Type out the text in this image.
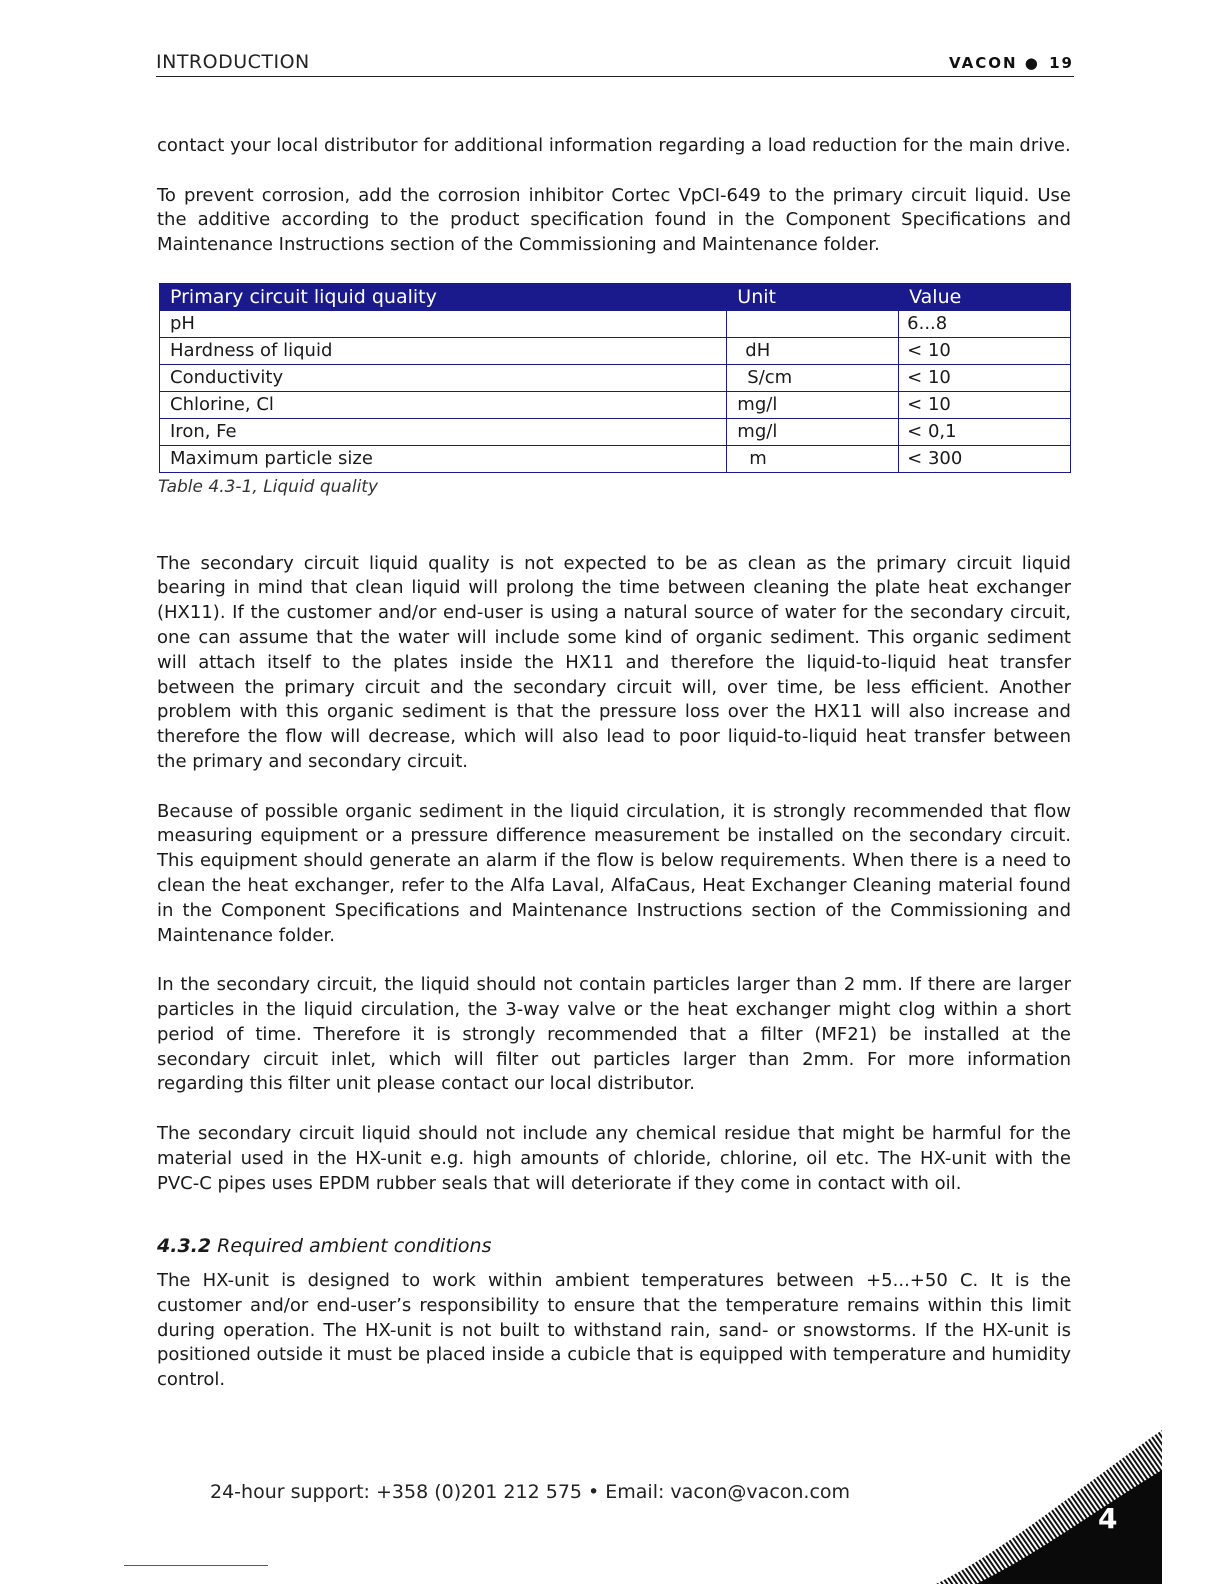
INTRODUCTION	VACON ● 19

contact your local distributor for additional information regarding a load reduction for the main drive.

To prevent corrosion, add the corrosion inhibitor Cortec VpCI-649 to the primary circuit liquid. Use the additive according to the product specification found in the Component Specifications and Maintenance Instructions section of the Commissioning and Maintenance folder.

Primary circuit liquid quality	Unit	Value
pH		6...8
Hardness of liquid	dH	< 10
Conductivity	S/cm	< 10
Chlorine, Cl	mg/l	< 10
Iron, Fe	mg/l	< 0,1
Maximum particle size	m	< 300
Table 4.3-1, Liquid quality

The secondary circuit liquid quality is not expected to be as clean as the primary circuit liquid bearing in mind that clean liquid will prolong the time between cleaning the plate heat exchanger (HX11). If the customer and/or end-user is using a natural source of water for the secondary circuit, one can assume that the water will include some kind of organic sediment. This organic sediment will attach itself to the plates inside the HX11 and therefore the liquid-to-liquid heat transfer between the primary circuit and the secondary circuit will, over time, be less efficient. Another problem with this organic sediment is that the pressure loss over the HX11 will also increase and therefore the flow will decrease, which will also lead to poor liquid-to-liquid heat transfer between the primary and secondary circuit.

Because of possible organic sediment in the liquid circulation, it is strongly recommended that flow measuring equipment or a pressure difference measurement be installed on the secondary circuit. This equipment should generate an alarm if the flow is below requirements. When there is a need to clean the heat exchanger, refer to the Alfa Laval, AlfaCaus, Heat Exchanger Cleaning material found in the Component Specifications and Maintenance Instructions section of the Commissioning and Maintenance folder.

In the secondary circuit, the liquid should not contain particles larger than 2 mm. If there are larger particles in the liquid circulation, the 3-way valve or the heat exchanger might clog within a short period of time. Therefore it is strongly recommended that a filter (MF21) be installed at the secondary circuit inlet, which will filter out particles larger than 2mm. For more information regarding this filter unit please contact our local distributor.

The secondary circuit liquid should not include any chemical residue that might be harmful for the material used in the HX-unit e.g. high amounts of chloride, chlorine, oil etc. The HX-unit with the PVC-C pipes uses EPDM rubber seals that will deteriorate if they come in contact with oil.

4.3.2 Required ambient conditions

The HX-unit is designed to work within ambient temperatures between +5...+50 C. It is the customer and/or end-user’s responsibility to ensure that the temperature remains within this limit during operation. The HX-unit is not built to withstand rain, sand- or snowstorms. If the HX-unit is positioned outside it must be placed inside a cubicle that is equipped with temperature and humidity control.

24-hour support: +358 (0)201 212 575 • Email: vacon@vacon.com
4
